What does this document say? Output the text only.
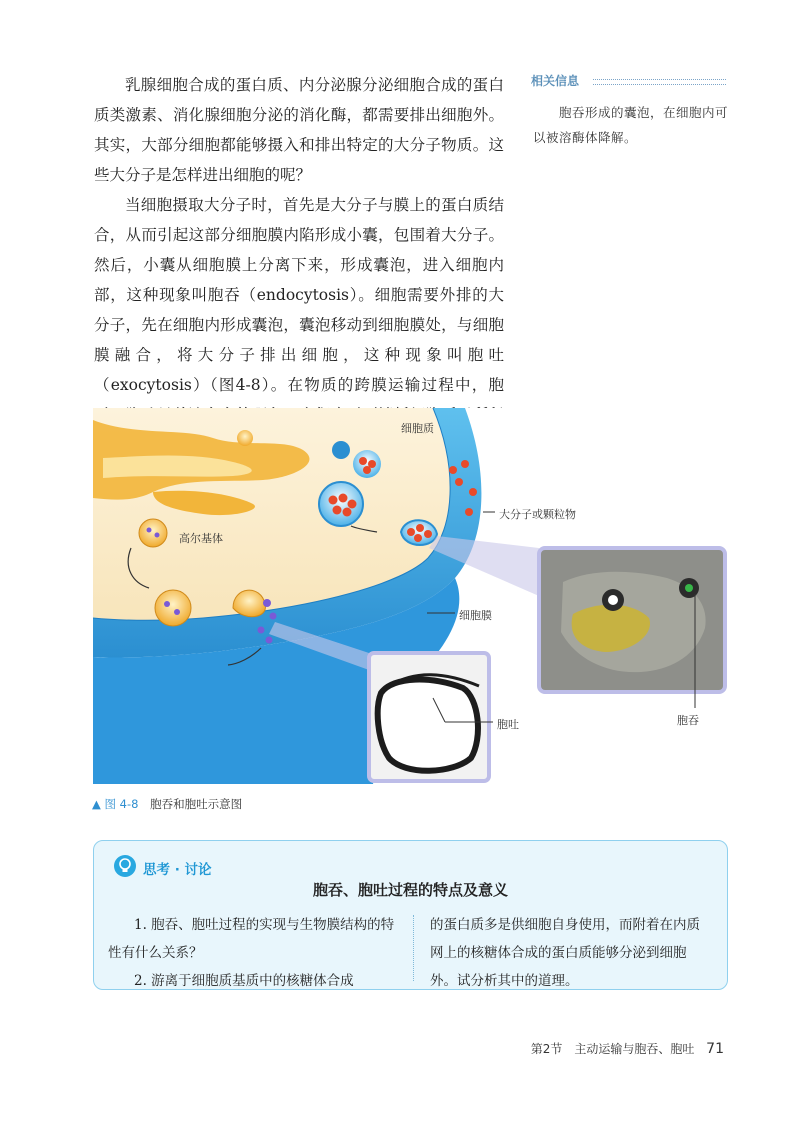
乳腺细胞合成的蛋白质、内分泌腺分泌细胞合成的蛋白质类激素、消化腺细胞分泌的消化酶，都需要排出细胞外。其实，大部分细胞都能够摄入和排出特定的大分子物质。这些大分子是怎样进出细胞的呢？

当细胞摄取大分子时，首先是大分子与膜上的蛋白质结合，从而引起这部分细胞膜内陷形成小囊，包围着大分子。然后，小囊从细胞膜上分离下来，形成囊泡，进入细胞内部，这种现象叫胞吞（endocytosis）。细胞需要外排的大分子，先在细胞内形成囊泡，囊泡移动到细胞膜处，与细胞膜融合，将大分子排出细胞，这种现象叫胞吐（exocytosis）（图4-8）。在物质的跨膜运输过程中，胞

相关信息
胞吞形成的囊泡，在细胞内可以被溶酶体降解。
细胞质
大分子或颗粒物
高尔基体
细胞膜
胞吐	胞吞
▲ 图 4-8 胞吞和胞吐示意图
思考 · 讨论
胞吞、胞吐过程的特点及意义

1. 胞吞、胞吐过程的实现与生物膜结构的特性有什么关系？

2. 游离于细胞质基质中的核糖体合成

的蛋白质多是供细胞自身使用，而附着在内质网上的核糖体合成的蛋白质能够分泌到细胞外。试分析其中的道理。
第2节　主动运输与胞吞、胞吐 71
